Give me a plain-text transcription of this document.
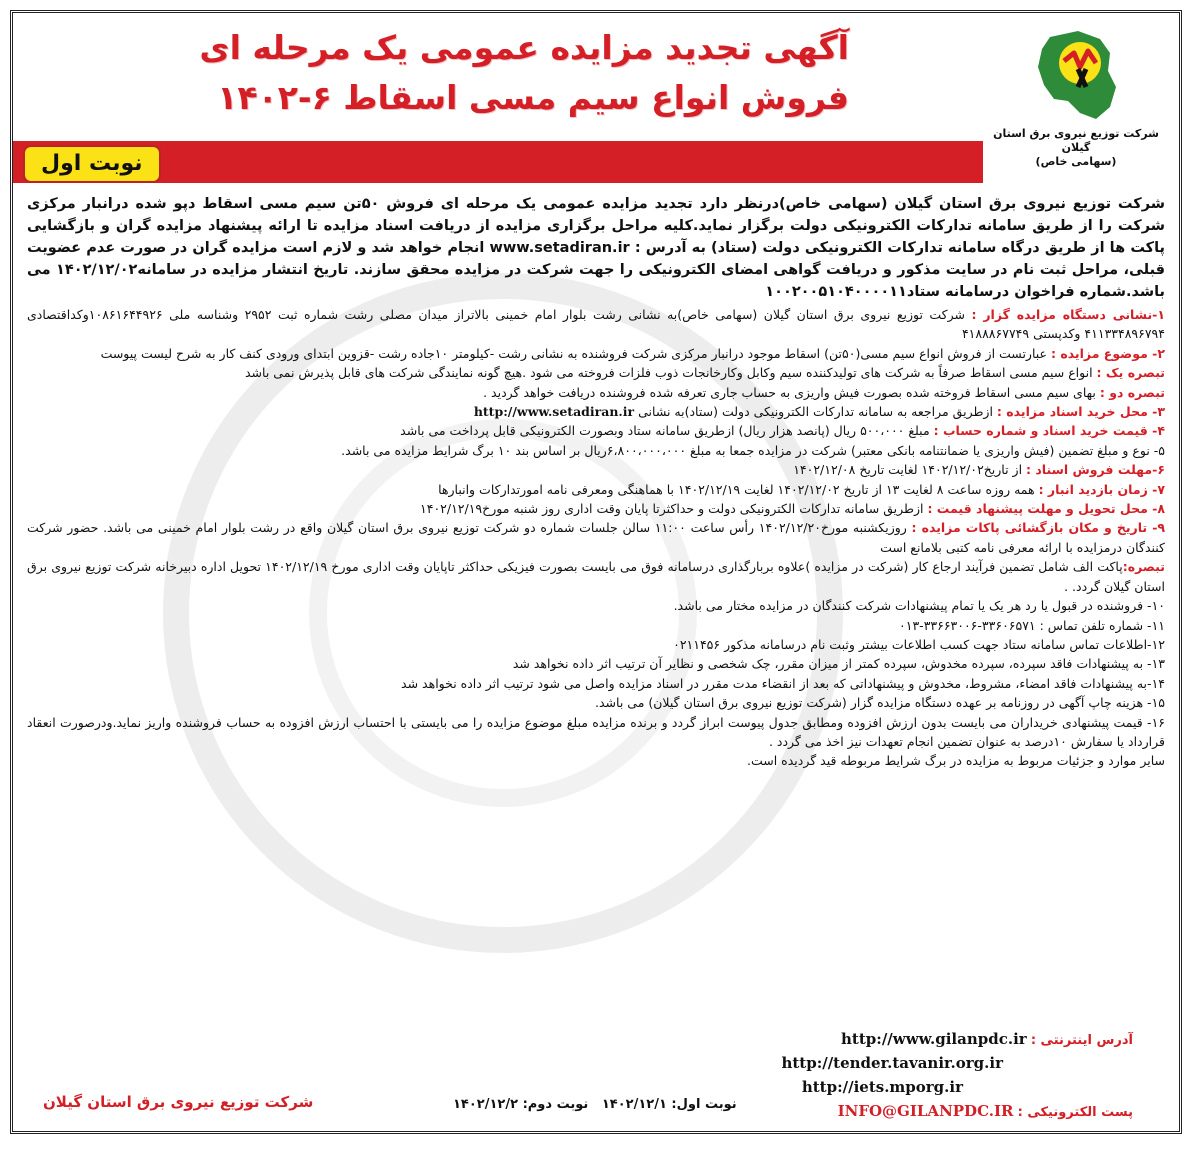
شرکت توزیع نیروی برق استان گیلان
(سهامی خاص)
آگهی تجدید مزایده عمومی یک مرحله ای
فروش انواع سیم مسی اسقاط ۶-۱۴۰۲
نوبت اول

شرکت توزیع نیروی برق استان گیلان (سهامی خاص)درنظر دارد تجدید مزایده عمومی یک مرحله ای فروش ۵۰تن سیم مسی اسقاط دپو شده درانبار مرکزی شرکت را از طریق سامانه تدارکات الکترونیکی دولت برگزار نماید.کلیه مراحل برگزاری مزایده از دریافت اسناد مزایده تا ارائه پیشنهاد مزایده گران و بازگشایی پاکت ها از طریق درگاه سامانه تدارکات الکترونیکی دولت (ستاد) به آدرس : www.setadiran.ir انجام خواهد شد و لازم است مزایده گران در صورت عدم عضویت قبلی، مراحل ثبت نام در سایت مذکور و دریافت گواهی امضای الکترونیکی را جهت شرکت در مزایده محقق سازند. تاریخ انتشار مزایده در سامانه۱۴۰۲/۱۲/۰۲ می باشد.شماره فراخوان درسامانه ستاد۱۰۰۲۰۰۵۱۰۴۰۰۰۰۱۱

۱-نشانی دستگاه مزایده گزار : شرکت توزیع نیروی برق استان گیلان (سهامی خاص)به نشانی رشت بلوار امام خمینی بالاتراز میدان مصلی رشت شماره ثبت ۲۹۵۲ وشناسه ملی ۱۰۸۶۱۶۴۴۹۲۶وکداقتصادی ۴۱۱۳۳۴۸۹۶۷۹۴ وکدپستی ۴۱۸۸۸۶۷۷۴۹

۲- موضوع مزایده : عبارتست از فروش انواع سیم مسی(۵۰تن) اسقاط موجود درانبار مرکزی شرکت فروشنده به نشانی رشت -کیلومتر ۱۰جاده رشت -قزوین ابتدای ورودی کنف کار به شرح لیست پیوست

تبصره یک : انواع سیم مسی اسقاط صرفاً به شرکت های تولیدکننده سیم وکابل وکارخانجات ذوب فلزات فروخته می شود .هیچ گونه نمایندگی شرکت های قابل پذیرش نمی باشد

تبصره دو : بهای سیم مسی اسقاط فروخته شده بصورت فیش واریزی به حساب جاری تعرفه شده فروشنده دریافت خواهد گردید .

۳- محل خرید اسناد مزایده : ازطریق مراجعه به سامانه تدارکات الکترونیکی دولت (ستاد)به نشانی http://www.setadiran.ir

۴- قیمت خرید اسناد و شماره حساب : مبلغ ۵۰۰،۰۰۰ ریال (پانصد هزار ریال) ازطریق سامانه ستاد وبصورت الکترونیکی قابل پرداخت می باشد

۵- نوع و مبلغ تضمین (فیش واریزی یا ضمانتنامه بانکی معتبر) شرکت در مزایده جمعا به مبلغ ۶،۸۰۰،۰۰۰،۰۰۰ریال بر اساس بند ۱۰ برگ شرایط مزایده می باشد.

۶-مهلت فروش اسناد : از تاریخ۱۴۰۲/۱۲/۰۲ لغایت تاریخ ۱۴۰۲/۱۲/۰۸

۷- زمان بازدید انبار : همه روزه ساعت ۸ لغایت ۱۳ از تاریخ ۱۴۰۲/۱۲/۰۲ لغایت ۱۴۰۲/۱۲/۱۹ با هماهنگی ومعرفی نامه امورتدارکات وانبارها

۸- محل تحویل و مهلت پیشنهاد قیمت : ازطریق سامانه تدارکات الکترونیکی دولت و حداکثرتا پایان وقت اداری روز شنبه مورخ۱۴۰۲/۱۲/۱۹

۹- تاریخ و مکان بازگشائی پاکات مزایده : روزیکشنبه مورخ۱۴۰۲/۱۲/۲۰ رأس ساعت ۱۱:۰۰ سالن جلسات شماره دو شرکت توزیع نیروی برق استان گیلان واقع در رشت بلوار امام خمینی می باشد. حضور شرکت کنندگان درمزایده با ارائه معرفی نامه کتبی بلامانع است

تبصره:پاکت الف شامل تضمین فرآیند ارجاع کار (شرکت در مزایده )علاوه بربارگذاری درسامانه فوق می بایست بصورت فیزیکی حداکثر تاپایان وقت اداری مورخ ۱۴۰۲/۱۲/۱۹ تحویل اداره دبیرخانه شرکت توزیع نیروی برق استان گیلان گردد. .

۱۰- فروشنده در قبول یا رد هر یک یا تمام پیشنهادات شرکت کنندگان در مزایده مختار می باشد.

۱۱- شماره تلفن تماس : ۳۳۶۰۶۵۷۱-۳۳۶۶۳۰۰۶-۰۱۳

۱۲-اطلاعات تماس سامانه ستاد جهت کسب اطلاعات بیشتر وثبت نام درسامانه مذکور ۰۲۱۱۴۵۶

۱۳- به پیشنهادات فاقد سپرده، سپرده مخدوش، سپرده کمتر از میزان مقرر، چک شخصی و نظایر آن ترتیب اثر داده نخواهد شد

۱۴-به پیشنهادات فاقد امضاء، مشروط، مخدوش و پیشنهاداتی که بعد از انقضاء مدت مقرر در اسناد مزایده واصل می شود ترتیب اثر داده نخواهد شد

۱۵- هزینه چاپ آگهی در روزنامه بر عهده دستگاه مزایده گزار (شرکت توزیع نیروی برق استان گیلان) می باشد.

۱۶- قیمت پیشنهادی خریداران می بایست بدون ارزش افزوده ومطابق جدول پیوست ابراز گردد و برنده مزایده مبلغ موضوع مزایده را می بایستی با احتساب ارزش افزوده به حساب فروشنده واریز نماید.ودرصورت انعقاد قرارداد یا سفارش ۱۰درصد به عنوان تضمین انجام تعهدات نیز اخذ می گردد .

سایر موارد و جزئیات مربوط به مزایده در برگ شرایط مربوطه قید گردیده است.

آدرس اینترنتی : http://www.gilanpdc.ir
http://tender.tavanir.org.ir
http://iets.mporg.ir
پست الکترونیکی : INFO@GILANPDC.IR
نوبت اول: ۱۴۰۲/۱۲/۱   نوبت دوم: ۱۴۰۲/۱۲/۲
شرکت توزیع نیروی برق استان گیلان
